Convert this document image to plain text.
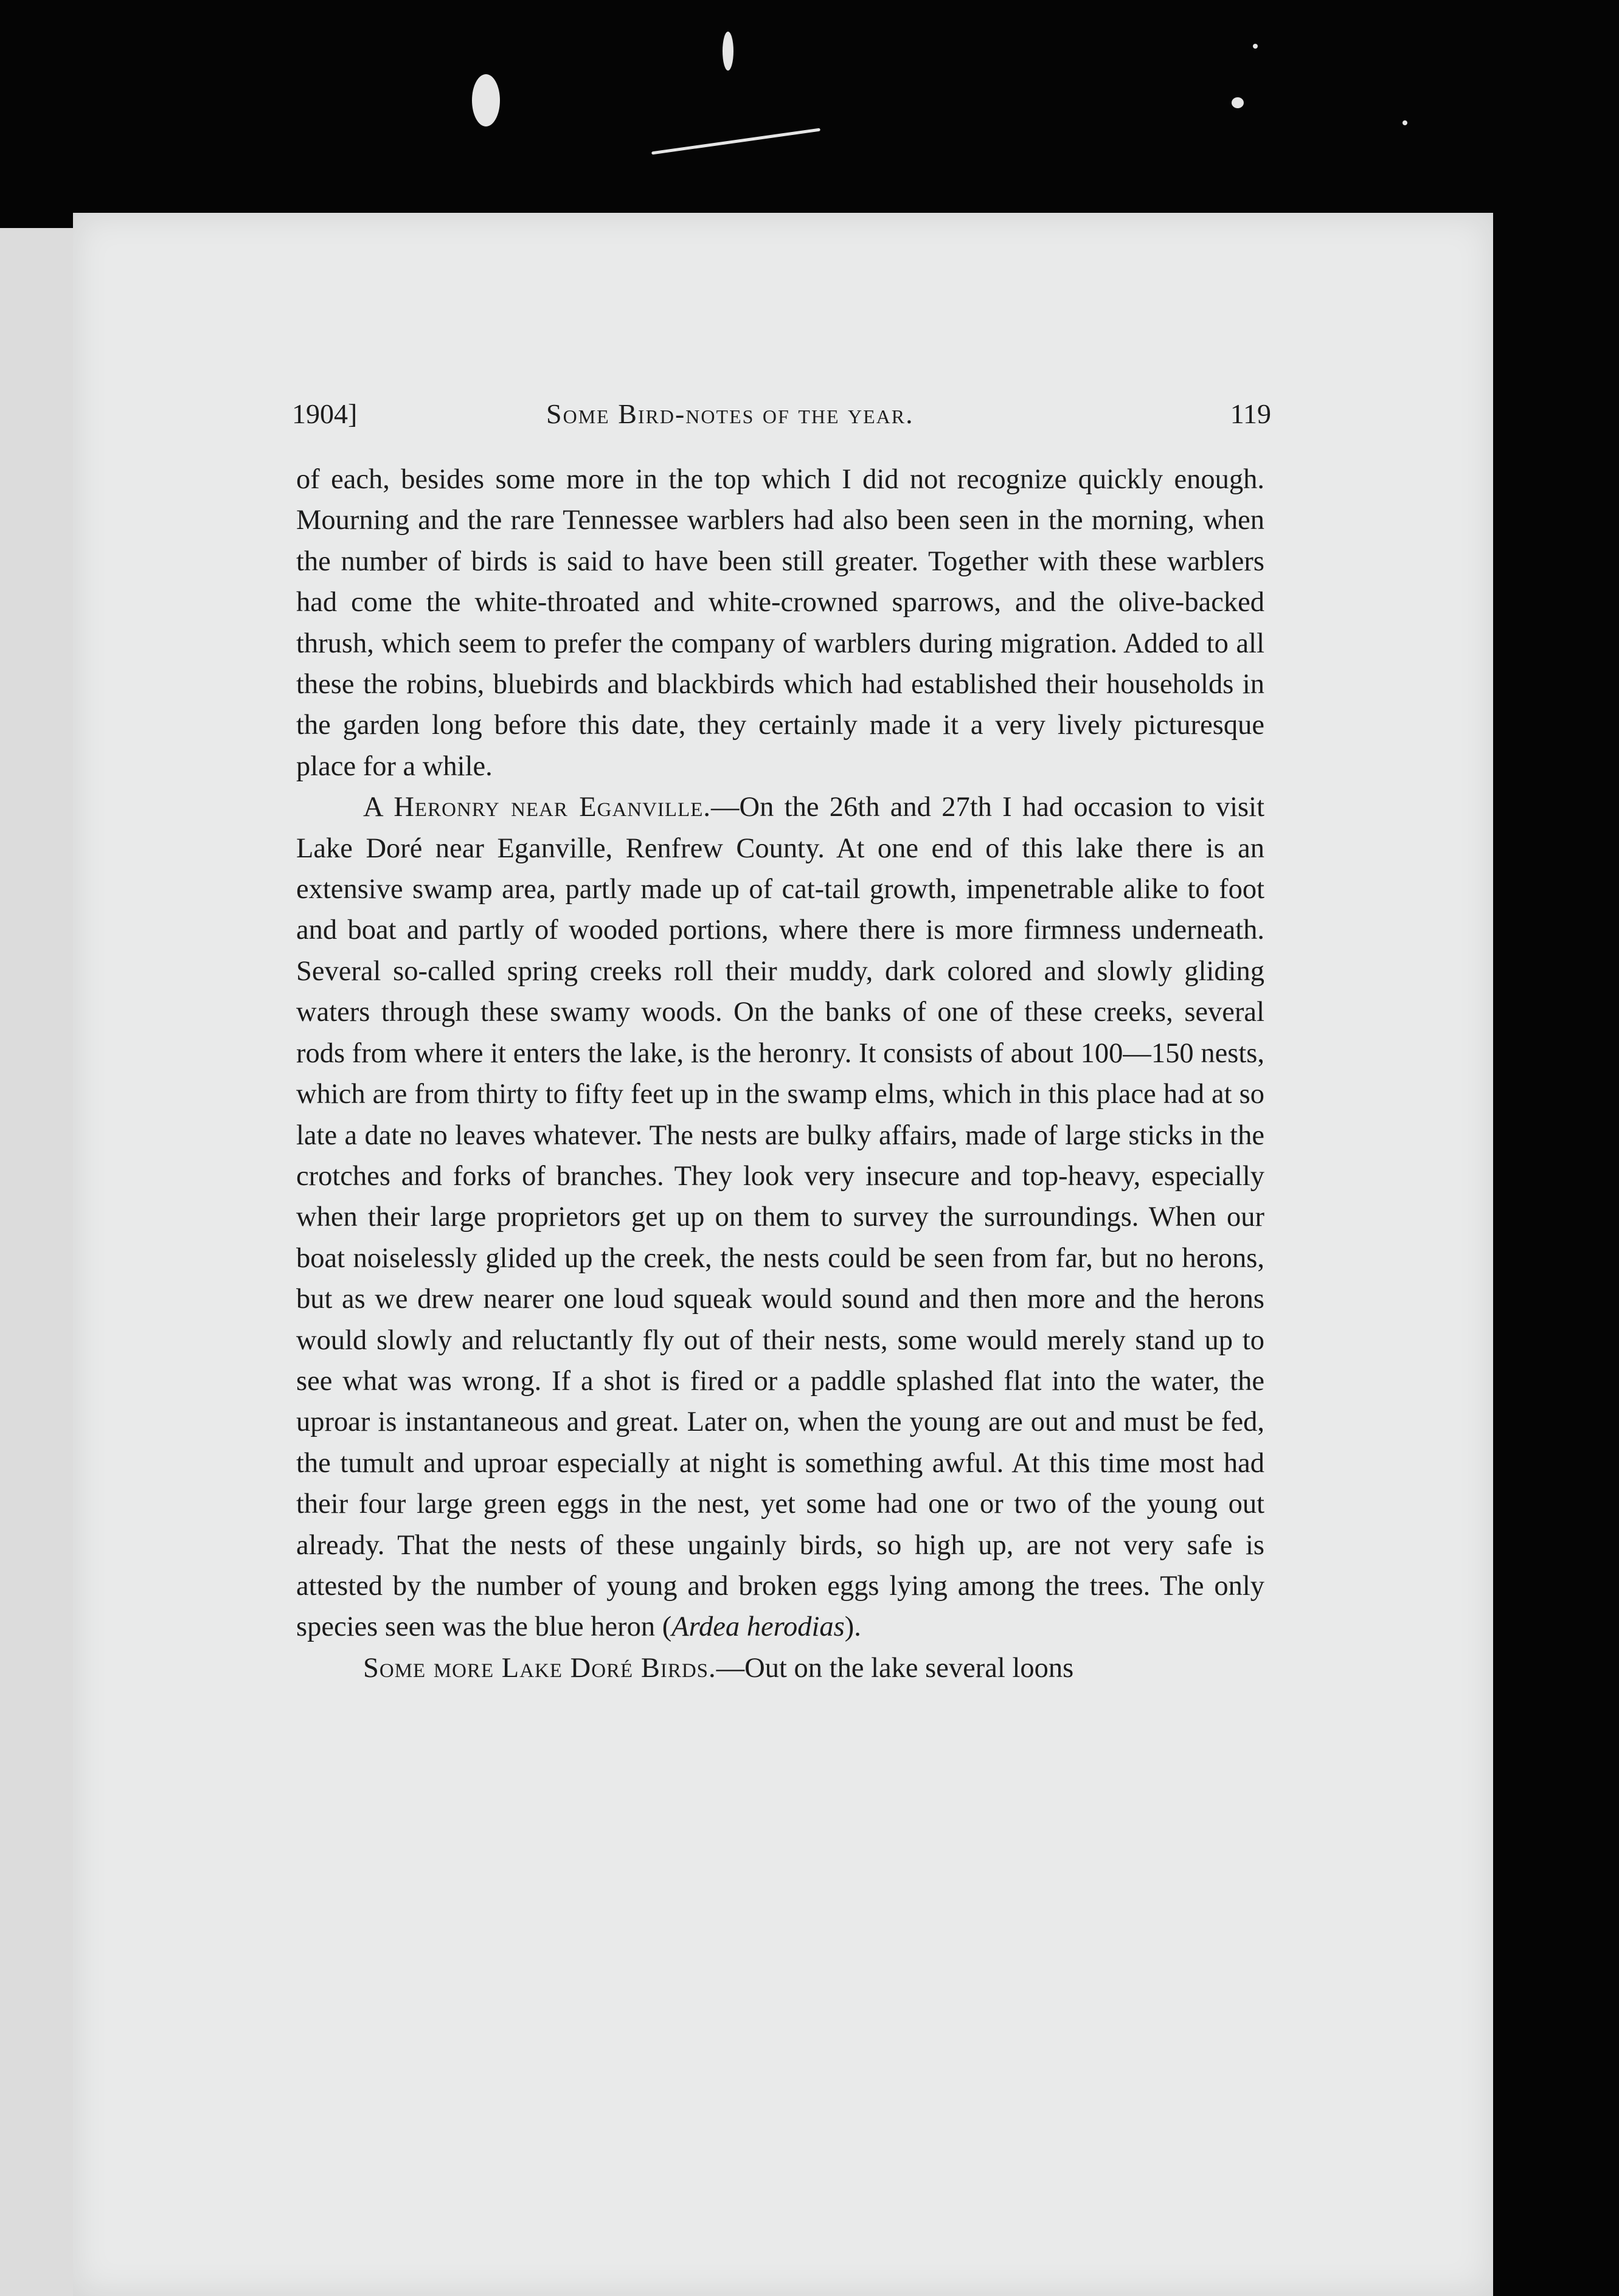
1904]	Some Bird-notes of the year.	119

of each, besides some more in the top which I did not recognize quickly enough. Mourning and the rare Tennessee warblers had also been seen in the morning, when the number of birds is said to have been still greater. Together with these warblers had come the white-throated and white-crowned sparrows, and the olive-backed thrush, which seem to prefer the company of warblers during migration. Added to all these the robins, bluebirds and blackbirds which had established their households in the garden long before this date, they certainly made it a very lively picturesque place for a while.

A Heronry near Eganville.—On the 26th and 27th I had occasion to visit Lake Doré near Eganville, Renfrew County. At one end of this lake there is an extensive swamp area, partly made up of cat-tail growth, impenetrable alike to foot and boat and partly of wooded portions, where there is more firmness underneath. Several so-called spring creeks roll their muddy, dark colored and slowly gliding waters through these swamy woods. On the banks of one of these creeks, several rods from where it enters the lake, is the heronry. It consists of about 100—150 nests, which are from thirty to fifty feet up in the swamp elms, which in this place had at so late a date no leaves whatever. The nests are bulky affairs, made of large sticks in the crotches and forks of branches. They look very insecure and top-heavy, especially when their large proprietors get up on them to survey the surroundings. When our boat noiselessly glided up the creek, the nests could be seen from far, but no herons, but as we drew nearer one loud squeak would sound and then more and the herons would slowly and reluctantly fly out of their nests, some would merely stand up to see what was wrong. If a shot is fired or a paddle splashed flat into the water, the uproar is instantaneous and great. Later on, when the young are out and must be fed, the tumult and uproar especially at night is something awful. At this time most had their four large green eggs in the nest, yet some had one or two of the young out already. That the nests of these ungainly birds, so high up, are not very safe is attested by the number of young and broken eggs lying among the trees. The only species seen was the blue heron (Ardea herodias).

Some more Lake Doré Birds.—Out on the lake several loons
